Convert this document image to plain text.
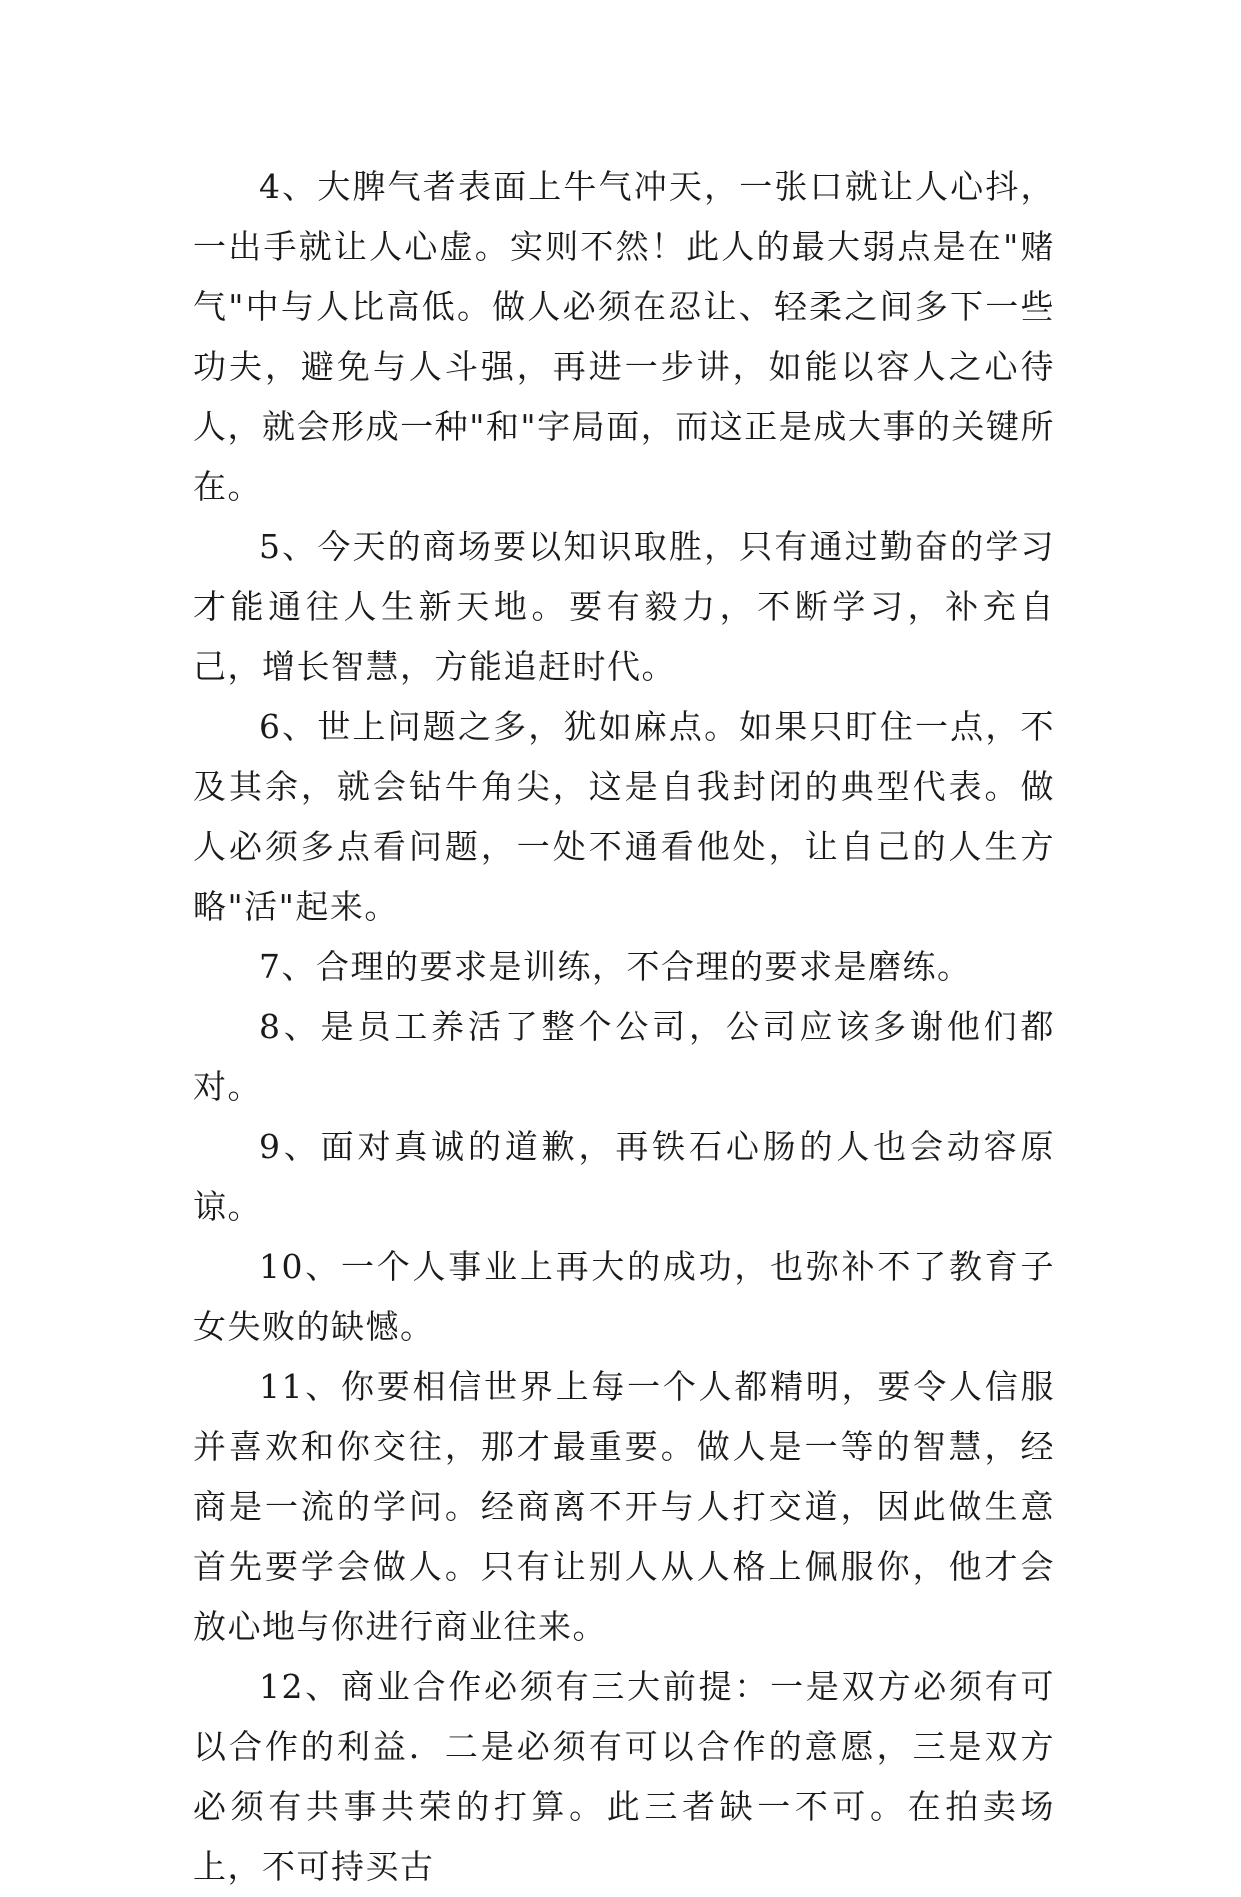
4、大脾气者表面上牛气冲天，一张口就让人心抖，一出手就让人心虚。实则不然！此人的最大弱点是在"赌气"中与人比高低。做人必须在忍让、轻柔之间多下一些功夫，避免与人斗强，再进一步讲，如能以容人之心待人，就会形成一种"和"字局面，而这正是成大事的关键所在。

5、今天的商场要以知识取胜，只有通过勤奋的学习才能通往人生新天地。要有毅力，不断学习，补充自己，增长智慧，方能追赶时代。

6、世上问题之多，犹如麻点。如果只盯住一点，不及其余，就会钻牛角尖，这是自我封闭的典型代表。做人必须多点看问题，一处不通看他处，让自己的人生方略"活"起来。

7、合理的要求是训练，不合理的要求是磨练。

8、是员工养活了整个公司，公司应该多谢他们都对。

9、面对真诚的道歉，再铁石心肠的人也会动容原谅。

10、一个人事业上再大的成功，也弥补不了教育子女失败的缺憾。

11、你要相信世界上每一个人都精明，要令人信服并喜欢和你交往，那才最重要。做人是一等的智慧，经商是一流的学问。经商离不开与人打交道，因此做生意首先要学会做人。只有让别人从人格上佩服你，他才会放心地与你进行商业往来。

12、商业合作必须有三大前提：一是双方必须有可以合作的利益．二是必须有可以合作的意愿，三是双方必须有共事共荣的打算。此三者缺一不可。在拍卖场上，不可持买古
